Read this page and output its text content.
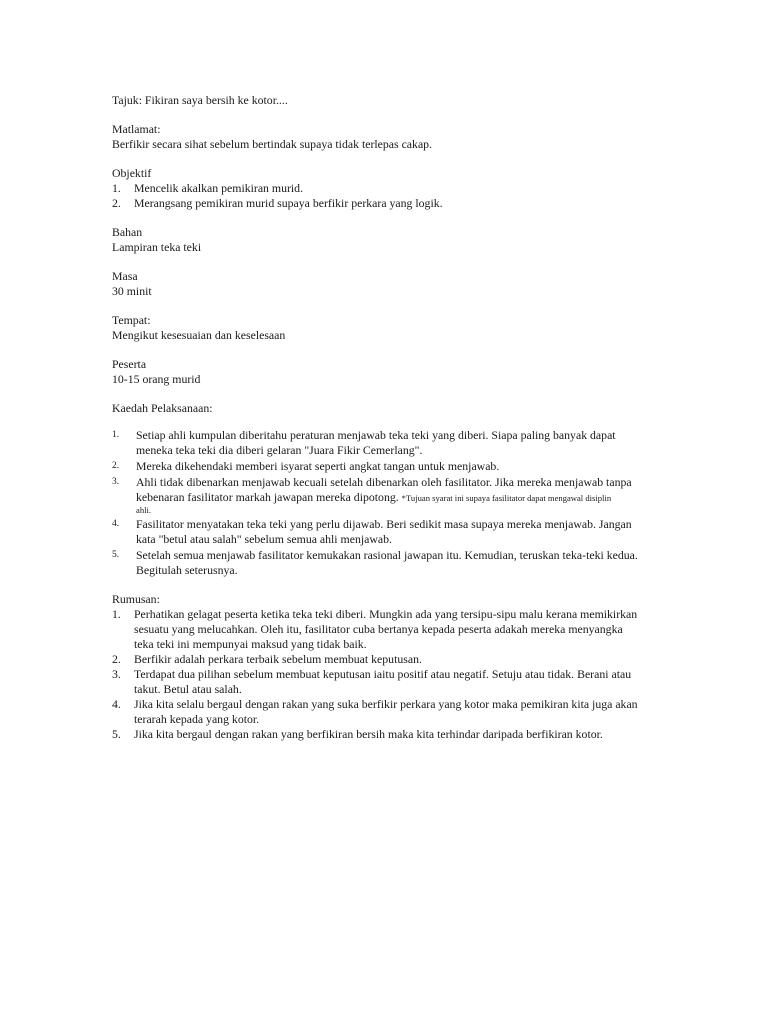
Tajuk: Fikiran saya bersih ke kotor....

Matlamat:

Berfikir secara sihat sebelum bertindak supaya tidak terlepas cakap.

Objektif

1. Mencelik akalkan pemikiran murid.
2. Merangsang pemikiran murid supaya berfikir perkara yang logik.

Bahan

Lampiran teka teki

Masa

30 minit

Tempat:

Mengikut kesesuaian dan keselesaan

Peserta

10-15 orang murid

Kaedah Pelaksanaan:

1. Setiap ahli kumpulan diberitahu peraturan menjawab teka teki yang diberi. Siapa paling banyak dapat

meneka teka teki dia diberi gelaran "Juara Fikir Cemerlang".

2. Mereka dikehendaki memberi isyarat seperti angkat tangan untuk menjawab.

3. Ahli tidak dibenarkan menjawab kecuali setelah dibenarkan oleh fasilitator. Jika mereka menjawab tanpa

kebenaran fasilitator markah jawapan mereka dipotong. *Tujuan syarat ini supaya fasilitator dapat mengawal disiplin

ahli.

4. Fasilitator menyatakan teka teki yang perlu dijawab. Beri sedikit masa supaya mereka menjawab. Jangan

kata "betul atau salah" sebelum semua ahli menjawab.

5. Setelah semua menjawab fasilitator kemukakan rasional jawapan itu. Kemudian, teruskan teka-teki kedua.

Begitulah seterusnya.

Rumusan:

1. Perhatikan gelagat peserta ketika teka teki diberi. Mungkin ada yang tersipu-sipu malu kerana memikirkan

sesuatu yang melucahkan. Oleh itu, fasilitator cuba bertanya kepada peserta adakah mereka menyangka

teka teki ini mempunyai maksud yang tidak baik.

2. Berfikir adalah perkara terbaik sebelum membuat keputusan.

3. Terdapat dua pilihan sebelum membuat keputusan iaitu positif atau negatif. Setuju atau tidak. Berani atau

takut. Betul atau salah.

4. Jika kita selalu bergaul dengan rakan yang suka berfikir perkara yang kotor maka pemikiran kita juga akan

terarah kepada yang kotor.

5. Jika kita bergaul dengan rakan yang berfikiran bersih maka kita terhindar daripada berfikiran kotor.
